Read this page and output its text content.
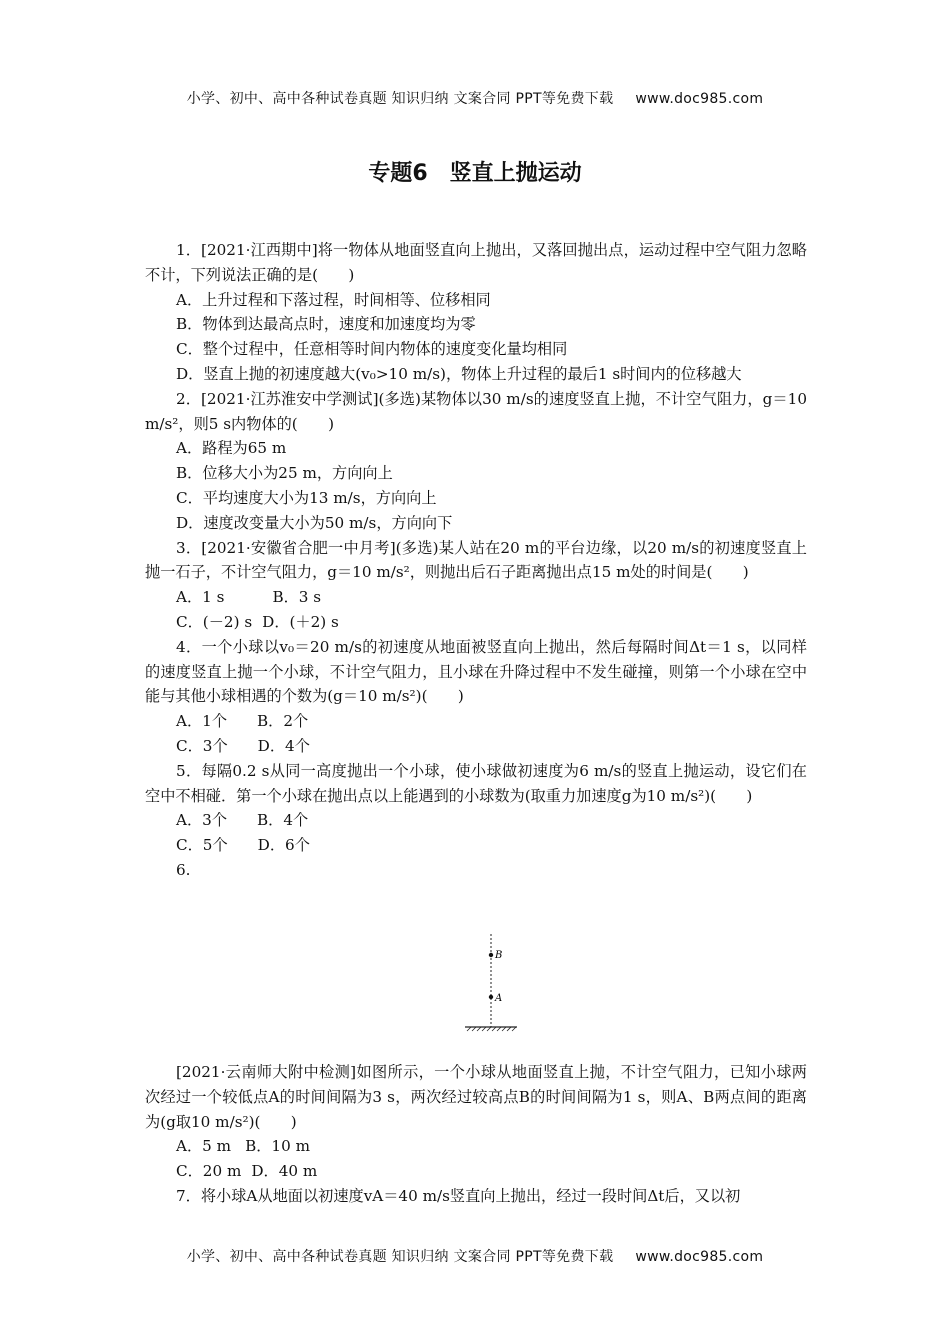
小学、初中、高中各种试卷真题 知识归纳 文案合同 PPT等免费下载 www.doc985.com
专题6 竖直上抛运动

1．[2021·江西期中]将一物体从地面竖直向上抛出，又落回抛出点，运动过程中空气阻力忽略不计，下列说法正确的是(　　)

A．上升过程和下落过程，时间相等、位移相同

B．物体到达最高点时，速度和加速度均为零

C．整个过程中，任意相等时间内物体的速度变化量均相同

D．竖直上抛的初速度越大(v₀>10 m/s)，物体上升过程的最后1 s时间内的位移越大

2．[2021·江苏淮安中学测试](多选)某物体以30 m/s的速度竖直上抛，不计空气阻力，g＝10 m/s²，则5 s内物体的(　　)

A．路程为65 m

B．位移大小为25 m，方向向上

C．平均速度大小为13 m/s，方向向上

D．速度改变量大小为50 m/s，方向向下

3．[2021·安徽省合肥一中月考](多选)某人站在20 m的平台边缘，以20 m/s的初速度竖直上抛一石子，不计空气阻力，g＝10 m/s²，则抛出后石子距离抛出点15 m处的时间是(　　)

A．1 s	B．3 s

C．(－2) s D．(＋2) s

4．一个小球以v₀＝20 m/s的初速度从地面被竖直向上抛出，然后每隔时间Δt＝1 s，以同样的速度竖直上抛一个小球，不计空气阻力，且小球在升降过程中不发生碰撞，则第一个小球在空中能与其他小球相遇的个数为(g＝10 m/s²)(　　)

A．1个 B．2个

C．3个 D．4个

5．每隔0.2 s从同一高度抛出一个小球，使小球做初速度为6 m/s的竖直上抛运动，设它们在空中不相碰．第一个小球在抛出点以上能遇到的小球数为(取重力加速度g为10 m/s²)(　　)

A．3个 B．4个

C．5个 D．6个

6.

B
A

[2021·云南师大附中检测]如图所示，一个小球从地面竖直上抛，不计空气阻力，已知小球两次经过一个较低点A的时间间隔为3 s，两次经过较高点B的时间间隔为1 s，则A、B两点间的距离为(g取10 m/s²)(　　)

A．5 m B．10 m

C．20 m D．40 m

7．将小球A从地面以初速度vA＝40 m/s竖直向上抛出，经过一段时间Δt后，又以初

小学、初中、高中各种试卷真题 知识归纳 文案合同 PPT等免费下载 www.doc985.com
